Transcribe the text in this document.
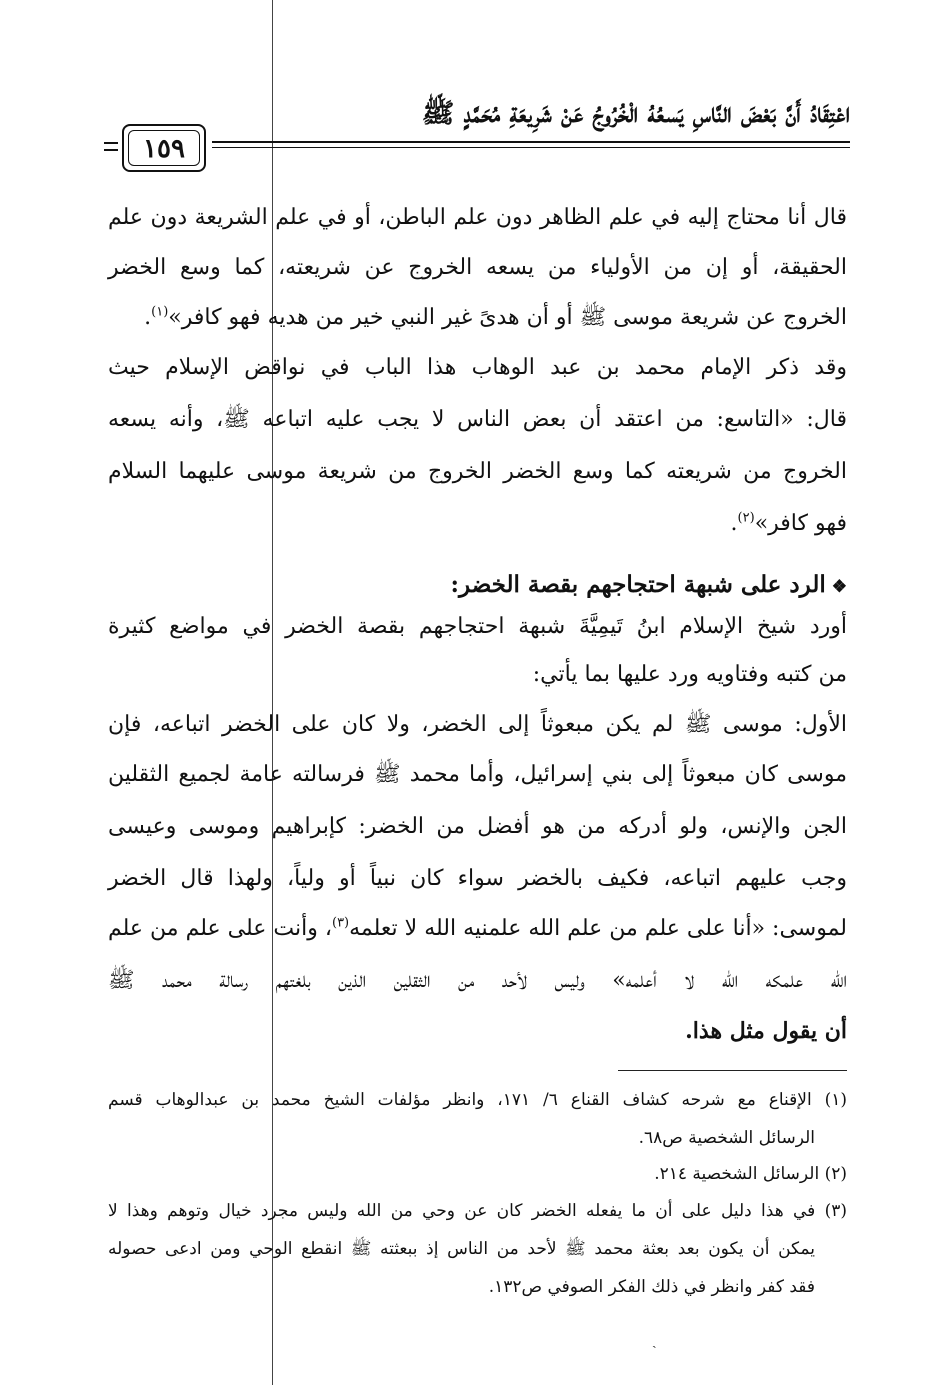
اعْتِقَادُ أَنَّ بَعْضَ النَّاسِ يَسعُهُ الْخُرُوجُ عَنْ شَرِيعَةِ مُحَمَّدٍ ﷺ
١٥٩
قال أنا محتاج إليه في علم الظاهر دون علم الباطن، أو في علم الشريعة دون علم
الحقيقة، أو إن من الأولياء من يسعه الخروج عن شريعته، كما وسع الخضر
الخروج عن شريعة موسى ﷺ أو أن هدىً غير النبي خير من هديه فهو كافر»$^{(١)}$.
وقد ذكر الإمام محمد بن عبد الوهاب هذا الباب في نواقض الإسلام حيث
قال: «التاسع: من اعتقد أن بعض الناس لا يجب عليه اتباعه ﷺ، وأنه يسعه
الخروج من شريعته كما وسع الخضر الخروج من شريعة موسى عليهما السلام
فهو كافر»$^{(٢)}$.
❖الرد على شبهة احتجاجهم بقصة الخضر:
أورد شيخ الإسلام ابنُ تَيمِيَّةَ شبهة احتجاجهم بقصة الخضر في مواضع كثيرة
من كتبه وفتاويه ورد عليها بما يأتي:
الأول: موسى ﷺ لم يكن مبعوثاً إلى الخضر، ولا كان على الخضر اتباعه، فإن
موسى كان مبعوثاً إلى بني إسرائيل، وأما محمد ﷺ فرسالته عامة لجميع الثقلين
الجن والإنس، ولو أدركه من هو أفضل من الخضر: كإبراهيم وموسى وعيسى
وجب عليهم اتباعه، فكيف بالخضر سواء كان نبياً أو ولياً، ولهذا قال الخضر
لموسى: «أنا على علم من علم الله علمنيه الله لا تعلمه$^{(٣)}$، وأنت على علم من علم
الله علمكه الله لا أعلمه» وليس لأحد من الثقلين الذين بلغتهم رسالة محمد ﷺ
أن يقول مثل هذا.
(١) الإقناع مع شرحه كشاف القناع ٦/ ١٧١، وانظر مؤلفات الشيخ محمد بن عبدالوهاب قسم
الرسائل الشخصية ص٦٨.
(٢) الرسائل الشخصية ٢١٤.
(٣) في هذا دليل على أن ما يفعله الخضر كان عن وحي من الله وليس مجرد خيال وتوهم وهذا لا
يمكن أن يكون بعد بعثة محمد ﷺ لأحد من الناس إذ ببعثته ﷺ انقطع الوحي ومن ادعى حصوله
فقد كفر وانظر في ذلك الفكر الصوفي ص١٣٢.
ˏ
